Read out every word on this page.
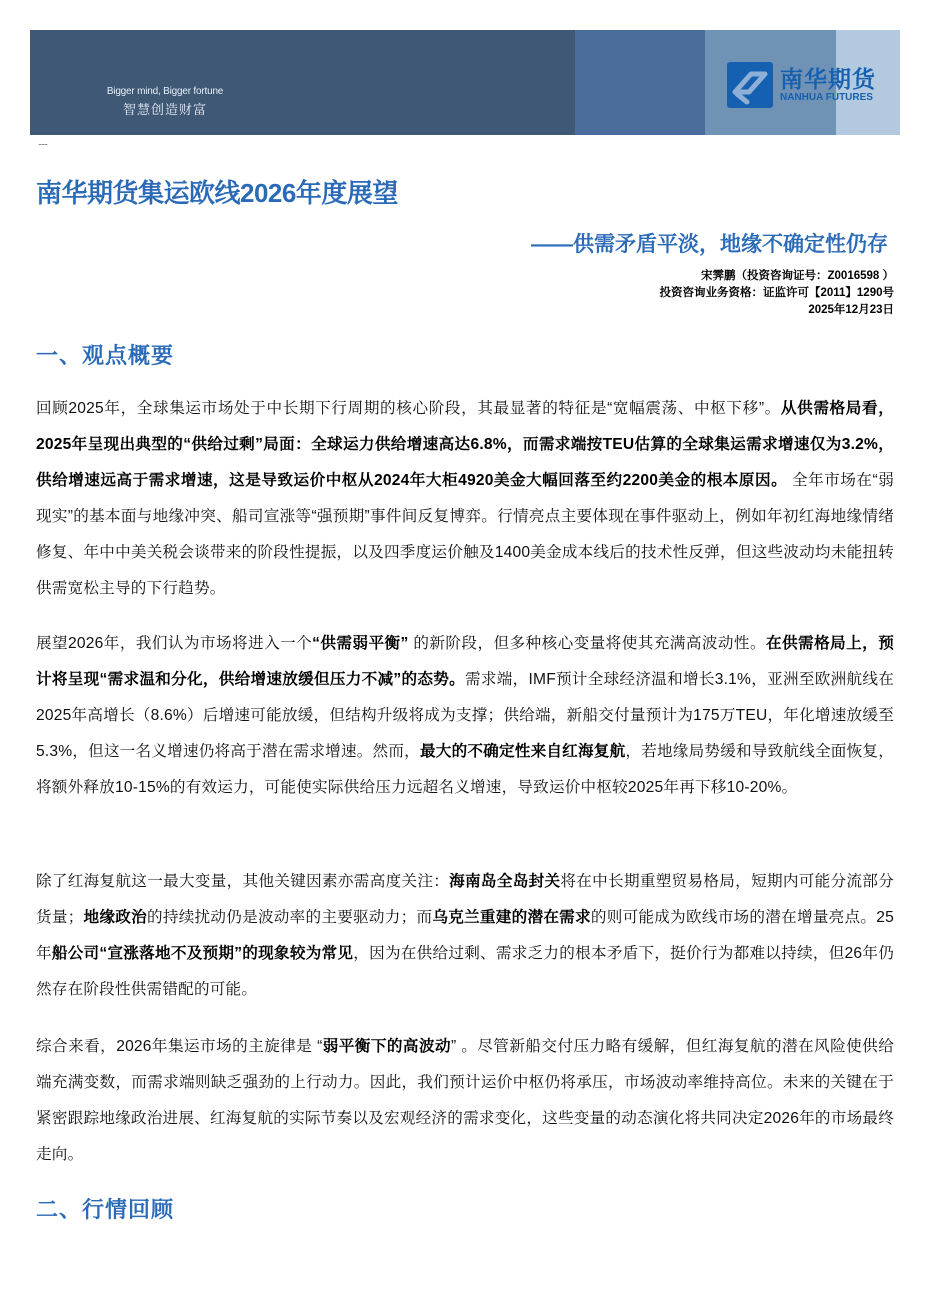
Bigger mind, Bigger fortune
智慧创造财富
南华期货
NANHUA FUTURES
......
南华期货集运欧线2026年度展望
——供需矛盾平淡，地缘不确定性仍存
宋霁鹏（投资咨询证号：Z0016598 ）
投资咨询业务资格：证监许可【2011】1290号
2025年12月23日
一、观点概要

回顾2025年，全球集运市场处于中长期下行周期的核心阶段，其最显著的特征是“宽幅震荡、中枢下移”。从供需格局看，2025年呈现出典型的“供给过剩”局面：全球运力供给增速高达6.8%，而需求端按TEU估算的全球集运需求增速仅为3.2%，供给增速远高于需求增速，这是导致运价中枢从2024年大柜4920美金大幅回落至约2200美金的根本原因。 全年市场在“弱现实”的基本面与地缘冲突、船司宣涨等“强预期”事件间反复博弈。行情亮点主要体现在事件驱动上，例如年初红海地缘情绪修复、年中中美关税会谈带来的阶段性提振，以及四季度运价触及1400美金成本线后的技术性反弹，但这些波动均未能扭转供需宽松主导的下行趋势。

展望2026年，我们认为市场将进入一个“供需弱平衡” 的新阶段，但多种核心变量将使其充满高波动性。在供需格局上，预计将呈现“需求温和分化，供给增速放缓但压力不减”的态势。需求端，IMF预计全球经济温和增长3.1%，亚洲至欧洲航线在2025年高增长（8.6%）后增速可能放缓，但结构升级将成为支撑；供给端，新船交付量预计为175万TEU，年化增速放缓至5.3%，但这一名义增速仍将高于潜在需求增速。然而，最大的不确定性来自红海复航，若地缘局势缓和导致航线全面恢复，将额外释放10-15%的有效运力，可能使实际供给压力远超名义增速，导致运价中枢较2025年再下移10-20%。

除了红海复航这一最大变量，其他关键因素亦需高度关注：海南岛全岛封关将在中长期重塑贸易格局，短期内可能分流部分货量；地缘政治的持续扰动仍是波动率的主要驱动力；而乌克兰重建的潜在需求的则可能成为欧线市场的潜在增量亮点。25年船公司“宣涨落地不及预期”的现象较为常见，因为在供给过剩、需求乏力的根本矛盾下，挺价行为都难以持续，但26年仍然存在阶段性供需错配的可能。

综合来看，2026年集运市场的主旋律是 “弱平衡下的高波动” 。尽管新船交付压力略有缓解，但红海复航的潜在风险使供给端充满变数，而需求端则缺乏强劲的上行动力。因此，我们预计运价中枢仍将承压，市场波动率维持高位。未来的关键在于紧密跟踪地缘政治进展、红海复航的实际节奏以及宏观经济的需求变化，这些变量的动态演化将共同决定2026年的市场最终走向。

二、行情回顾
